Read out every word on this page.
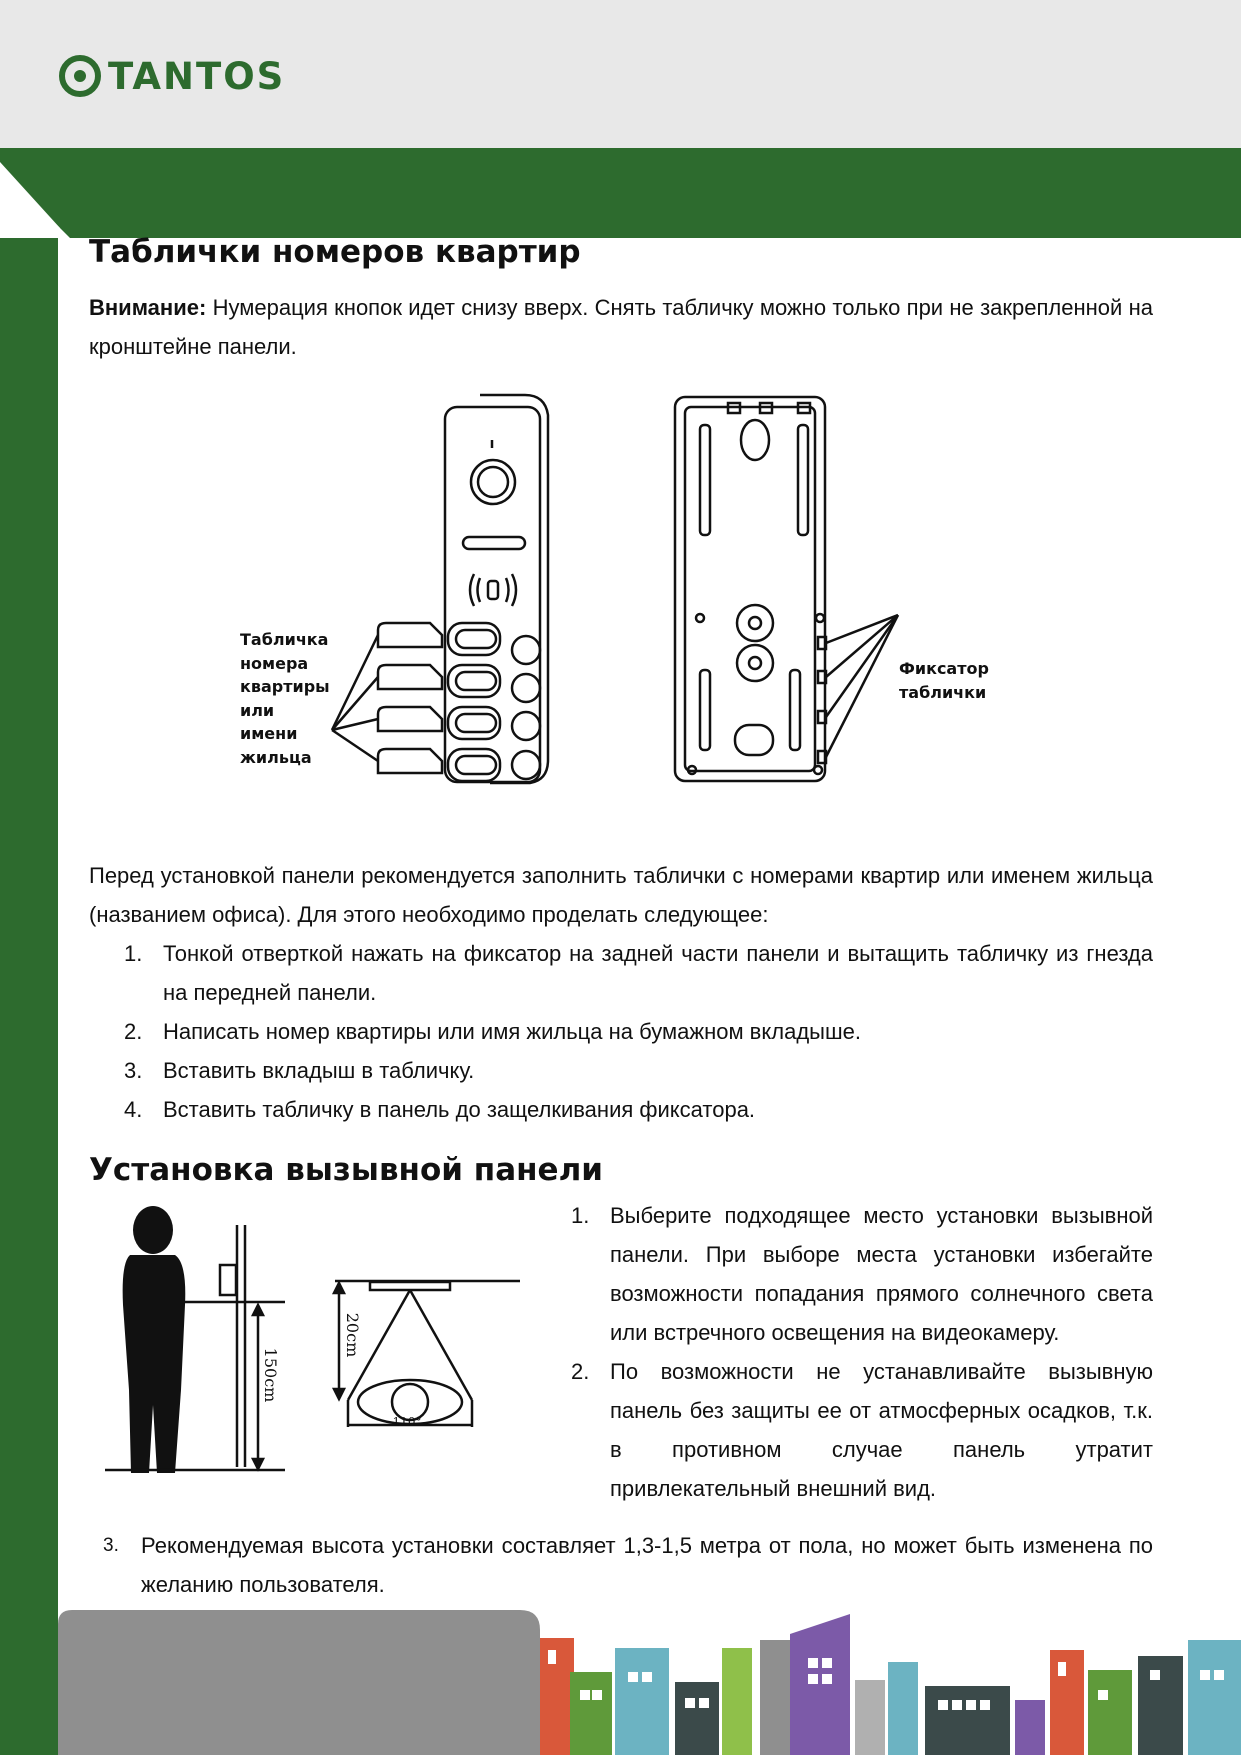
TANTOS
Таблички номеров квартир

Внимание: Нумерация кнопок идет снизу вверх. Снять табличку можно только при не закрепленной на кронштейне панели.

Табличка
номера
квартиры
или
имени
жильца
Фиксатор
таблички

Перед установкой панели рекомендуется заполнить таблички с номерами квартир или именем жильца (названием офиса). Для этого необходимо проделать следующее:

1. Тонкой отверткой нажать на фиксатор на задней части панели и вытащить табличку из гнезда на передней панели.
2. Написать номер квартиры или имя жильца на бумажном вкладыше.
3. Вставить вкладыш в табличку.
4. Вставить табличку в панель до защелкивания фиксатора.
Установка вызывной панели
150cm
20cm
110°
1. Выберите подходящее место установки вызывной панели. При выборе места установки избегайте возможности попадания прямого солнечного света или встречного освещения на видеокамеру.
2. По возможности не устанавливайте вызывную панель без защиты ее от атмосферных осадков, т.к. в противном случае панель утратит привлекательный внешний вид.
3.	Рекомендуемая высота установки составляет 1,3-1,5 метра от пола, но может быть изменена по желанию пользователя.
